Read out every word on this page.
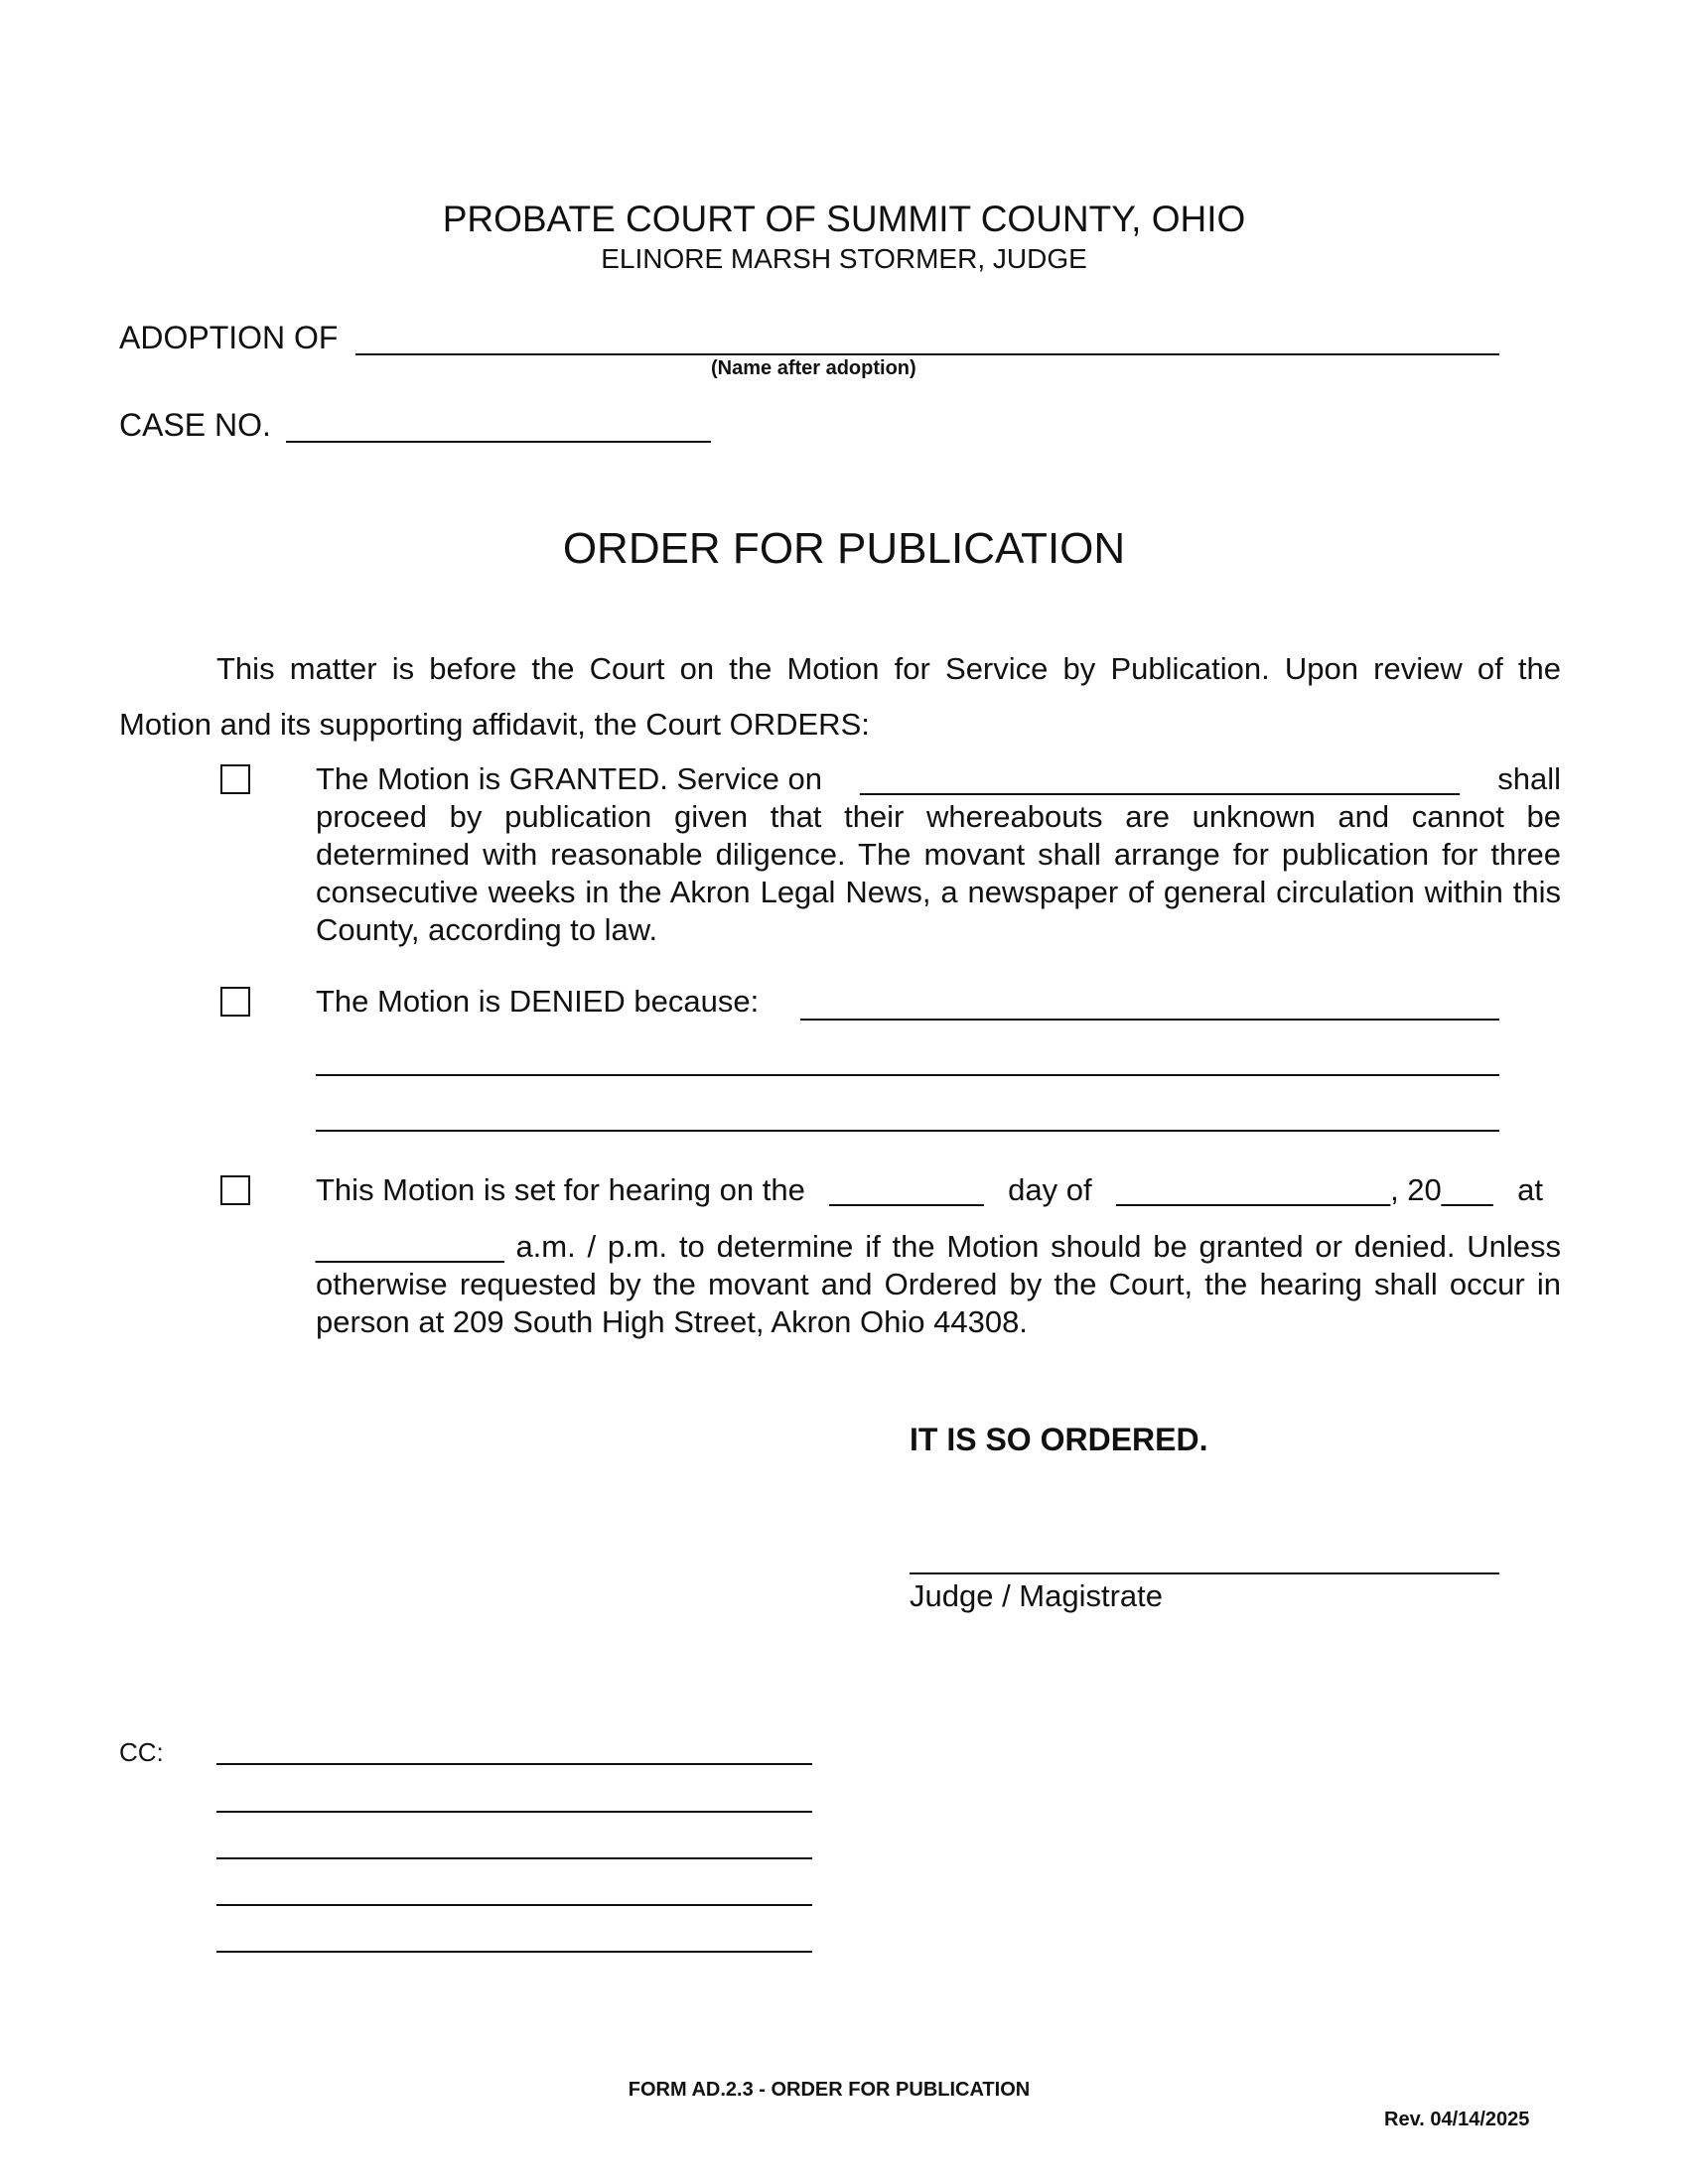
PROBATE COURT OF SUMMIT COUNTY, OHIO
ELINORE MARSH STORMER, JUDGE
ADOPTION OF
(Name after adoption)
CASE NO.
ORDER FOR PUBLICATION
This matter is before the Court on the Motion for Service by Publication. Upon review of the
Motion and its supporting affidavit, the Court ORDERS:
The Motion is GRANTED. Service on ___________________________________ shall
proceed by publication given that their whereabouts are unknown and cannot be determined with reasonable diligence. The movant shall arrange for publication for three consecutive weeks in the Akron Legal News, a newspaper of general circulation within this County, according to law.
The Motion is DENIED because:
This Motion is set for hearing on the _________ day of ________________, 20___ at
___________ a.m. / p.m. to determine if the Motion should be granted or denied. Unless otherwise requested by the movant and Ordered by the Court, the hearing shall occur in person at 209 South High Street, Akron Ohio 44308.
IT IS SO ORDERED.
Judge / Magistrate
CC:
FORM AD.2.3 - ORDER FOR PUBLICATION
Rev. 04/14/2025
